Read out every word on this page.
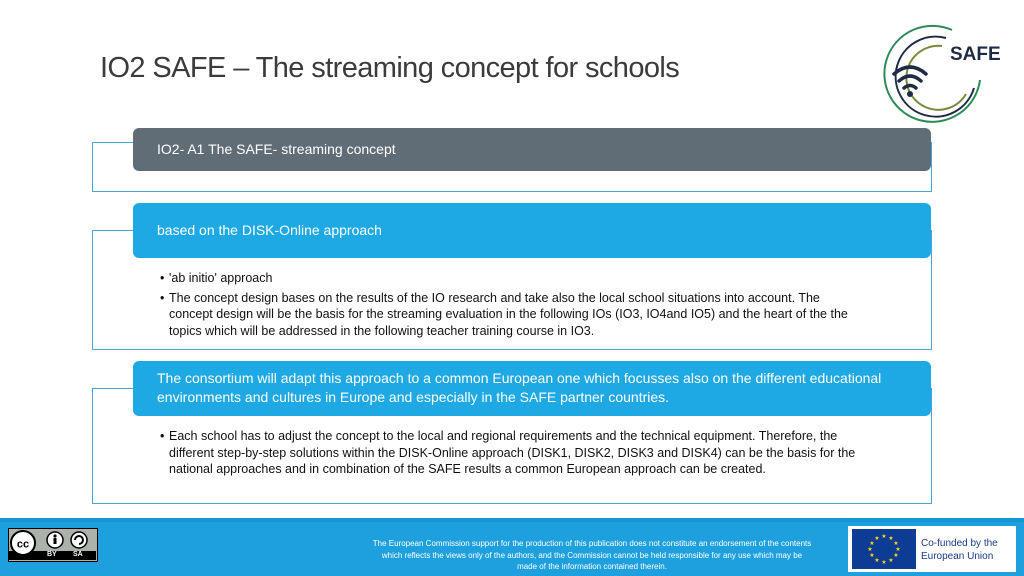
IO2 SAFE – The streaming concept for schools	SAFE
IO2- A1 The SAFE- streaming concept
based on the DISK-Online approach
• 'ab initio' approach
• The concept design bases on the results of the IO research and take also the local school situations into account. The concept design will be the basis for the streaming evaluation in the following IOs (IO3, IO4and IO5) and the heart of the the topics which will be addressed in the following teacher training course in IO3.
The consortium will adapt this approach to a common European one which focusses also on the different educational environments and cultures in Europe and especially in the SAFE partner countries.
• Each school has to adjust the concept to the local and regional requirements and the technical equipment. Therefore, the different step-by-step solutions within the DISK-Online approach (DISK1, DISK2, DISK3 and DISK4) can be the basis for the national approaches and in combination of the SAFE results a common European approach can be created.
cc
BY SA
The European Commission support for the production of this publication does not constitute an endorsement of the contents which reflects the views only of the authors, and the Commission cannot be held responsible for any use which may be made of the information contained therein.
★ ★
★
★
★
★
★
★
★
★
★
★	Co-funded by the European Union
